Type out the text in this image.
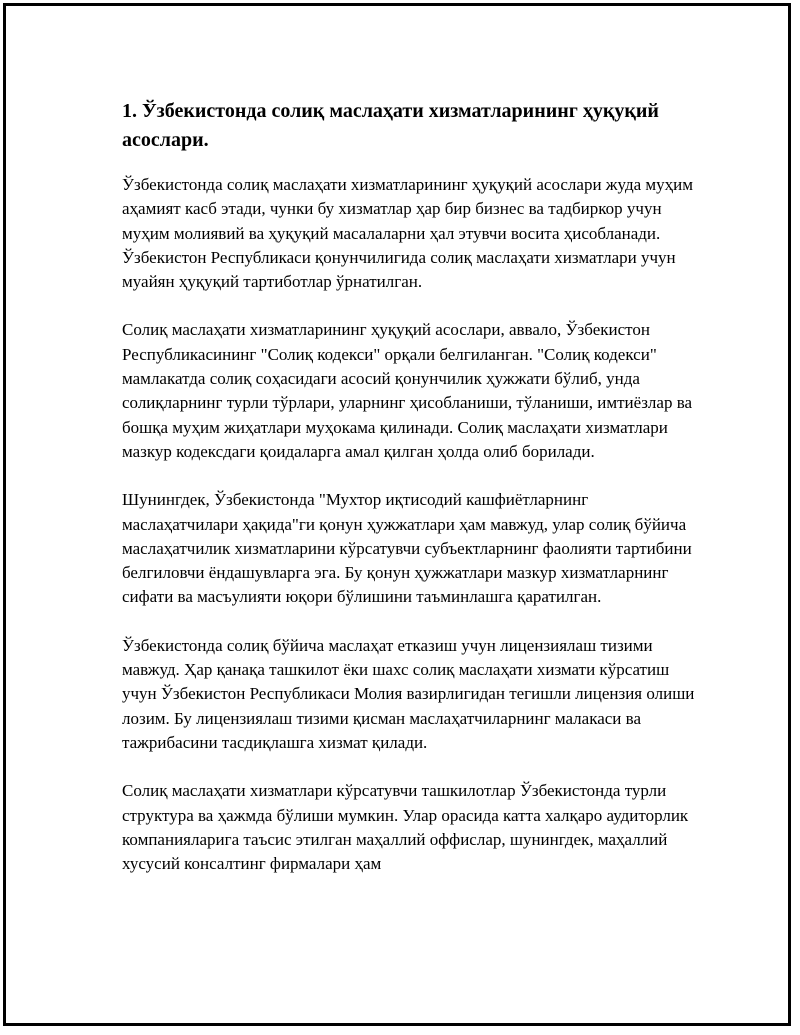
1. Ўзбекистонда солиқ маслаҳати хизматларининг ҳуқуқий асослари.

Ўзбекистонда солиқ маслаҳати хизматларининг ҳуқуқий асослари жуда муҳим аҳамият касб этади, чунки бу хизматлар ҳар бир бизнес ва тадбиркор учун муҳим молиявий ва ҳуқуқий масалаларни ҳал этувчи восита ҳисобланади. Ўзбекистон Республикаси қонунчилигида солиқ маслаҳати хизматлари учун муайян ҳуқуқий тартиботлар ўрнатилган.

Солиқ маслаҳати хизматларининг ҳуқуқий асослари, аввало, Ўзбекистон Республикасининг "Солиқ кодекси" орқали белгиланган. "Солиқ кодекси" мамлакатда солиқ соҳасидаги асосий қонунчилик ҳужжати бўлиб, унда солиқларнинг турли тўрлари, уларнинг ҳисобланиши, тўланиши, имтиёзлар ва бошқа муҳим жиҳатлари муҳокама қилинади. Солиқ маслаҳати хизматлари мазкур кодексдаги қоидаларга амал қилган ҳолда олиб борилади.

Шунингдек, Ўзбекистонда "Мухтор иқтисодий кашфиётларнинг маслаҳатчилари ҳақида"ги қонун ҳужжатлари ҳам мавжуд, улар солиқ бўйича маслаҳатчилик хизматларини кўрсатувчи субъектларнинг фаолияти тартибини белгиловчи ёндашувларга эга. Бу қонун ҳужжатлари мазкур хизматларнинг сифати ва масъулияти юқори бўлишини таъминлашга қаратилган.

Ўзбекистонда солиқ бўйича маслаҳат етказиш учун лицензиялаш тизими мавжуд. Ҳар қанақа ташкилот ёки шахс солиқ маслаҳати хизмати кўрсатиш учун Ўзбекистон Республикаси Молия вазирлигидан тегишли лицензия олиши лозим. Бу лицензиялаш тизими қисман маслаҳатчиларнинг малакаси ва тажрибасини тасдиқлашга хизмат қилади.

Солиқ маслаҳати хизматлари кўрсатувчи ташкилотлар Ўзбекистонда турли структура ва ҳажмда бўлиши мумкин. Улар орасида катта халқаро аудиторлик компанияларига таъсис этилган маҳаллий оффислар, шунингдек, маҳаллий хусусий консалтинг фирмалари ҳам
